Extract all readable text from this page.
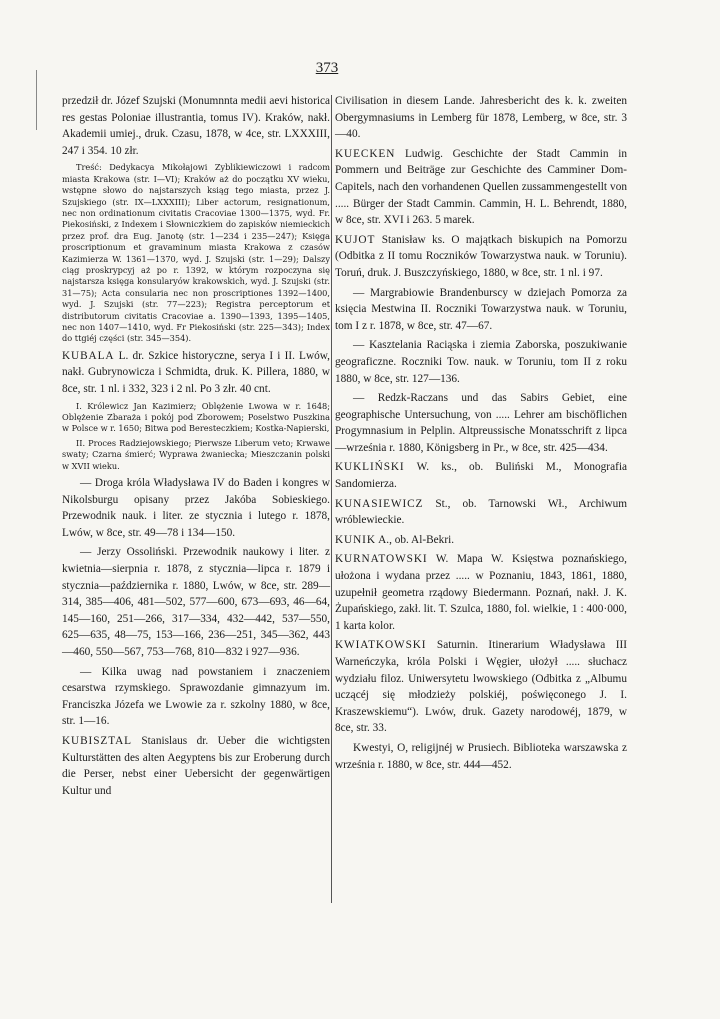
373

przedził dr. Józef Szujski (Monumnnta medii aevi historica res gestas Poloniae illustrantia, tomus IV). Kraków, nakł. Akademii umiej., druk. Czasu, 1878, w 4ce, str. LXXXIII, 247 i 354. 10 złr.

Treść: Dedykacya Mikołajowi Zyblikiewiczowi i radcom miasta Krakowa (str. I—VI); Kraków aż do początku XV wieku, wstępne słowo do najstarszych ksiąg tego miasta, przez J. Szujskiego (str. IX—LXXXIII); Liber actorum, resignationum, nec non ordinationum civitatis Cracoviae 1300—1375, wyd. Fr. Piekosiński, z Indexem i Słowniczkiem do zapisków niemieckich przez prof. dra Eug. Janotę (str. 1—234 i 235—247); Księga proscriptionum et gravaminum miasta Krakowa z czasów Kazimierza W. 1361—1370, wyd. J. Szujski (str. 1—29); Dalszy ciąg proskrypcyj aż po r. 1392, w którym rozpoczyna się najstarsza księga konsularyów krakowskich, wyd. J. Szujski (str. 31—75); Acta consularia nec non proscriptiones 1392—1400, wyd. J. Szujski (str. 77—223); Registra perceptorum et distributorum civitatis Cracoviae a. 1390—1393, 1395—1405, nec non 1407—1410, wyd. Fr Piekosiński (str. 225—343); Index do ttgiéj części (str. 345—354).

KUBALA L. dr. Szkice historyczne, serya I i II. Lwów, nakł. Gubrynowicza i Schmidta, druk. K. Pillera, 1880, w 8ce, str. 1 nl. i 332, 323 i 2 nl. Po 3 złr. 40 cnt.

I. Królewicz Jan Kazimierz; Oblężenie Lwowa w r. 1648; Oblężenie Zbaraża i pokój pod Zborowem; Poselstwo Puszkina w Polsce w r. 1650; Bitwa pod Beresteczkiem; Kostka-Napierski,

II. Proces Radziejowskiego; Pierwsze Liberum veto; Krwawe swaty; Czarna śmierć; Wyprawa żwaniecka; Mieszczanin polski w XVII wieku.

— Droga króla Władysława IV do Baden i kongres w Nikolsburgu opisany przez Jakóba Sobieskiego. Przewodnik nauk. i liter. ze stycznia i lutego r. 1878, Lwów, w 8ce, str. 49—78 i 134—150.

— Jerzy Ossoliński. Przewodnik naukowy i liter. z kwietnia—sierpnia r. 1878, z stycznia—lipca r. 1879 i stycznia—października r. 1880, Lwów, w 8ce, str. 289—314, 385—406, 481—502, 577—600, 673—693, 46—64, 145—160, 251—266, 317—334, 432—442, 537—550, 625—635, 48—75, 153—166, 236—251, 345—362, 443—460, 550—567, 753—768, 810—832 i 927—936.

— Kilka uwag nad powstaniem i znaczeniem cesarstwa rzymskiego. Sprawozdanie gimnazyum im. Franciszka Józefa we Lwowie za r. szkolny 1880, w 8ce, str. 1—16.

KUBISZTAL Stanislaus dr. Ueber die wichtigsten Kulturstätten des alten Aegyptens bis zur Eroberung durch die Perser, nebst einer Uebersicht der gegenwärtigen Kultur und

Civilisation in diesem Lande. Jahresbericht des k. k. zweiten Obergymnasiums in Lemberg für 1878, Lemberg, w 8ce, str. 3—40.

KUECKEN Ludwig. Geschichte der Stadt Cammin in Pommern und Beiträge zur Geschichte des Camminer Dom-Capitels, nach den vorhandenen Quellen zussammengestellt von ..... Bürger der Stadt Cammin. Cammin, H. L. Behrendt, 1880, w 8ce, str. XVI i 263. 5 marek.

KUJOT Stanisław ks. O majątkach biskupich na Pomorzu (Odbitka z II tomu Roczników Towarzystwa nauk. w Toruniu). Toruń, druk. J. Buszczyńskiego, 1880, w 8ce, str. 1 nl. i 97.

— Margrabiowie Brandenburscy w dziejach Pomorza za księcia Mestwina II. Roczniki Towarzystwa nauk. w Toruniu, tom I z r. 1878, w 8ce, str. 47—67.

— Kasztelania Raciąska i ziemia Zaborska, poszukiwanie geograficzne. Roczniki Tow. nauk. w Toruniu, tom II z roku 1880, w 8ce, str. 127—136.

— Redzk-Raczans und das Sabirs Gebiet, eine geographische Untersuchung, von ..... Lehrer am bischöflichen Progymnasium in Pelplin. Altpreussische Monatsschrift z lipca—września r. 1880, Königsberg in Pr., w 8ce, str. 425—434.

KUKLIŃSKI W. ks., ob. Buliński M., Monografia Sandomierza.

KUNASIEWICZ St., ob. Tarnowski Wł., Archiwum wróblewieckie.

KUNIK A., ob. Al-Bekri.

KURNATOWSKI W. Mapa W. Księstwa poznańskiego, ułożona i wydana przez ..... w Poznaniu, 1843, 1861, 1880, uzupełnił geometra rządowy Biedermann. Poznań, nakł. J. K. Żupańskiego, zakł. lit. T. Szulca, 1880, fol. wielkie, 1 : 400·000, 1 karta kolor.

KWIATKOWSKI Saturnin. Itinerarium Władysława III Warneńczyka, króla Polski i Węgier, ułożył ..... słuchacz wydziału filoz. Uniwersytetu lwowskiego (Odbitka z „Albumu uczącéj się młodzieży polskiéj, poświęconego J. I. Kraszewskiemu“). Lwów, druk. Gazety narodowéj, 1879, w 8ce, str. 33.

Kwestyi, O, religijnéj w Prusiech. Biblioteka warszawska z września r. 1880, w 8ce, str. 444—452.
